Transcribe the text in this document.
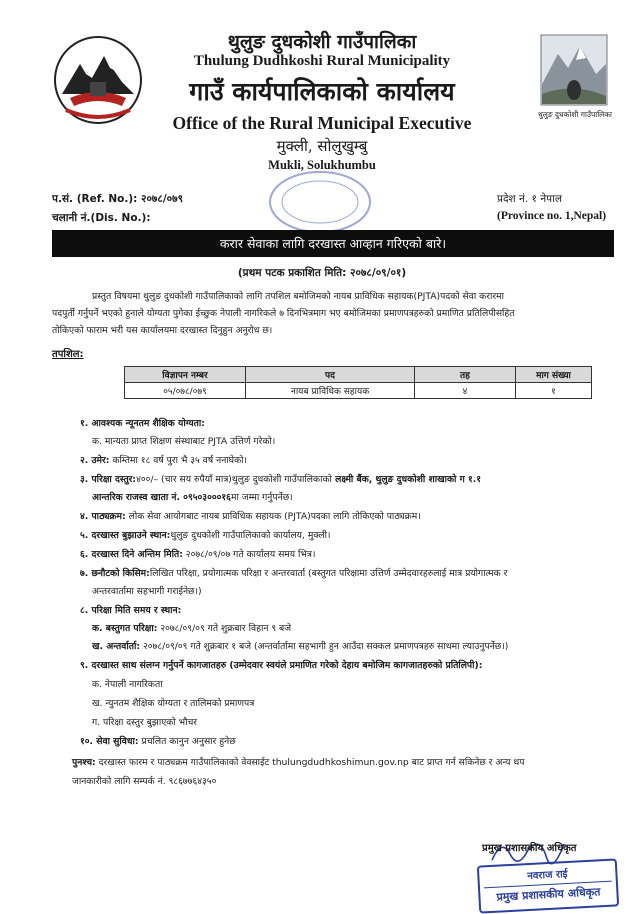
थुलुङ दुधकोशी गाउँपालिका
थुलुङ दुधकोशी गाउँपालिका
Thulung Dudhkoshi Rural Municipality
गाउँ कार्यपालिकाको कार्यालय
Office of the Rural Municipal Executive
मुक्ली, सोलुखुम्बु
Mukli, Solukhumbu
प.सं. (Ref. No.): २०७८/०७९
चलानी नं.(Dis. No.):
प्रदेश नं. १ नेपाल
(Province no. 1,Nepal)
करार सेवाका लागि दरखास्त आव्हान गरिएको बारे।
(प्रथम पटक प्रकाशित मिति: २०७८/०९/०१)
प्रस्तुत विषयमा थुलुङ दुधकोशी गाउँपालिकाको लागि तपशिल बमोजिमको नायब प्राविधिक सहायक(PJTA)पदको सेवा करारमा
पदपुर्ती गर्नुपर्ने भएको हुनाले योग्यता पुगेका ईच्छुक नेपाली नागरिकले ७ दिनभित्रमाग भए बमोजिमका प्रमाणपत्रहरुको प्रमाणित प्रतिलिपीसहित
तोकिएको फाराम भरी यस कार्यालयमा दरखास्त दिनुहुन अनुरोध छ।
तपशिल:
विज्ञापन नम्बर	पद	तह	माग संख्या
०५/०७८/०७९	नायब प्राविधिक सहायक	४	१
१. आवश्यक न्यूनतम शैक्षिक योग्यता:
क. मान्यता प्राप्त शिक्षण संस्थाबाट PJTA उत्तिर्ण गरेको।
२. उमेर: कम्तिमा १८ वर्ष पुरा भै ३५ वर्ष ननाघेको।
३. परिक्षा दस्तुर:४००/– (चार सय रुपैयाँ मात्र)थुलुङ दुधकोशी गाउँपालिकाको लक्ष्मी बैंक, थुलुङ दुधकोशी शाखाको ग १.१
आन्तरिक राजस्व खाता नं. ०९५०३०००१६मा जम्मा गर्नुपर्नेछ।
४. पाठ्यक्रम: लोक सेवा आयोगबाट नायब प्राविधिक सहायक (PJTA)पदका लागि तोकिएको पाठ्यक्रम।
५. दरखास्त बुझाउने स्थान:थुलुङ दुधकोशी गाउँपालिकाको कार्यालय, मुक्ली।
६. दरखास्त दिने अन्तिम मिति: २०७८/०९/०७ गते कार्यालय समय भित्र।
७. छनौटको किसिम:लिखित परिक्षा, प्रयोगात्मक परिक्षा र अन्तरवार्ता (बस्तुगत परिक्षामा उत्तिर्ण उम्मेदवारहरुलाई मात्र प्रयोगात्मक र
अन्तरवार्तामा सहभागी गराईनेछ।)
८. परिक्षा मिति समय र स्थान:
क. बस्तुगत परिक्षा: २०७८/०९/०९ गते शुक्रबार विहान ९ बजे
ख. अन्तर्वार्ता: २०७८/०९/०९ गते शुक्रबार १ बजे (अन्तर्वार्तामा सहभागी हुन आउँदा सक्कल प्रमाणपत्रहरु साथमा ल्याउनुपर्नेछ।)
९. दरखास्त साथ संलग्न गर्नुपर्ने कागजातहरु (उम्मेदवार स्वयंले प्रमाणित गरेको देहाय बमोजिम कागजातहरुको प्रतिलिपी):
क. नेपाली नागरिकता
ख. न्युनतम शैक्षिक योग्यता र तालिमको प्रमाणपत्र
ग. परिक्षा दस्तुर बुझाएको भौचर
१०. सेवा सुविधा: प्रचलित कानुन अनुसार हुनेछ
पुनश्च: दरखास्त फारम र पाठ्यक्रम गाउँपालिकाको वेवसाईट thulungdudhkoshimun.gov.np बाट प्राप्त गर्न सकिनेछ र अन्य थप
जानकारीको लागि सम्पर्क नं. ९८६७७६४३५०
प्रमुख प्रशासकीय अधिकृत
नवराज राई
प्रमुख प्रशासकीय अधिकृत
